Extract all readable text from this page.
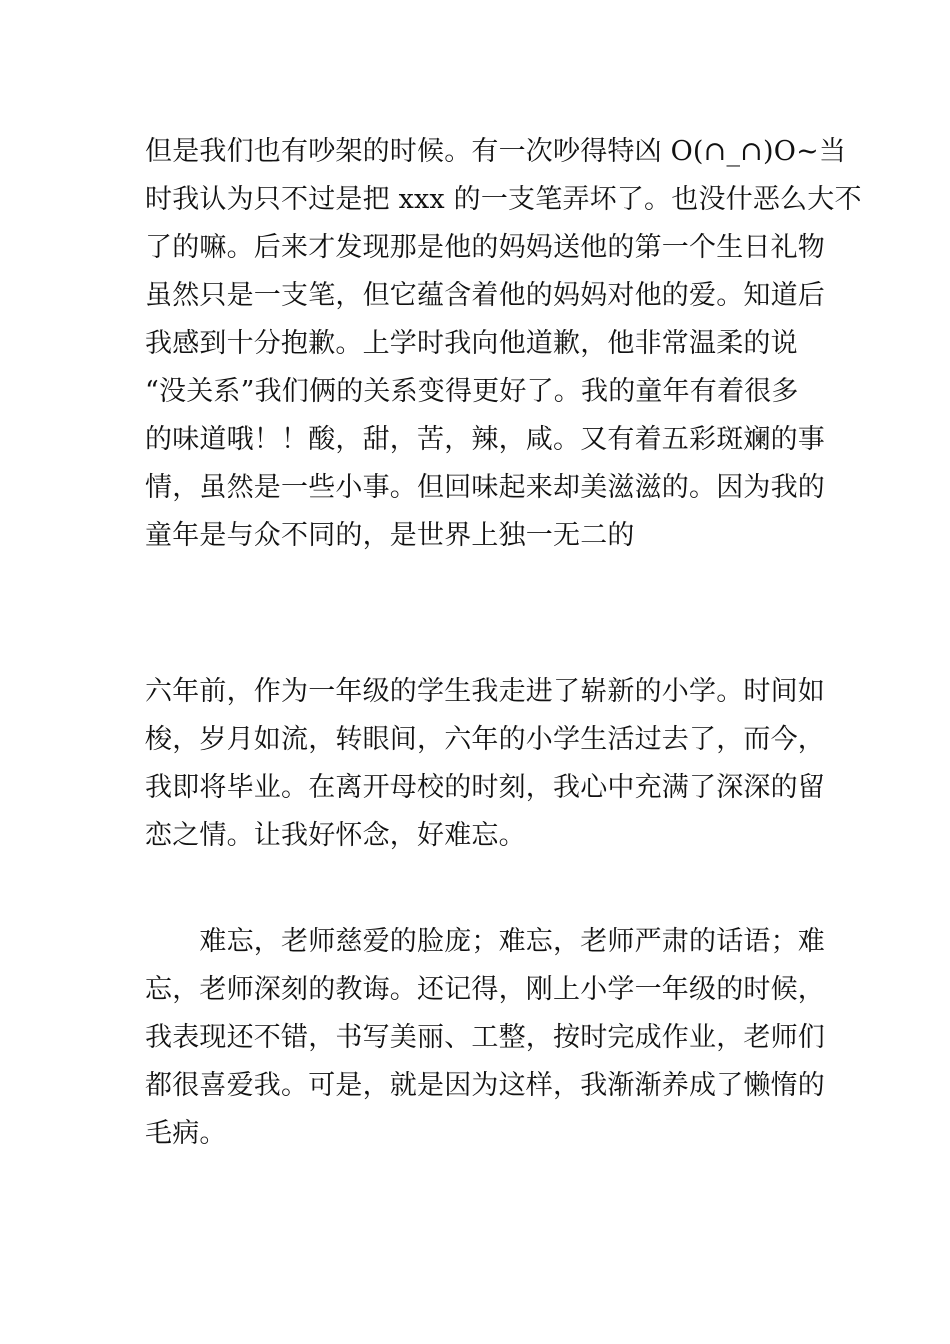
但是我们也有吵架的时候。有一次吵得特凶 O(∩_∩)O~当
时我认为只不过是把 xxx 的一支笔弄坏了。也没什恶么大不
了的嘛。后来才发现那是他的妈妈送他的第一个生日礼物
虽然只是一支笔，但它蕴含着他的妈妈对他的爱。知道后
我感到十分抱歉。上学时我向他道歉，他非常温柔的说
“没关系”我们俩的关系变得更好了。我的童年有着很多
的味道哦！！酸，甜，苦，辣，咸。又有着五彩斑斓的事
情，虽然是一些小事。但回味起来却美滋滋的。因为我的
童年是与众不同的，是世界上独一无二的
六年前，作为一年级的学生我走进了崭新的小学。时间如
梭，岁月如流，转眼间，六年的小学生活过去了，而今，
我即将毕业。在离开母校的时刻，我心中充满了深深的留
恋之情。让我好怀念，好难忘。
　　难忘，老师慈爱的脸庞；难忘，老师严肃的话语；难
忘，老师深刻的教诲。还记得，刚上小学一年级的时候，
我表现还不错，书写美丽、工整，按时完成作业，老师们
都很喜爱我。可是，就是因为这样，我渐渐养成了懒惰的
毛病。
